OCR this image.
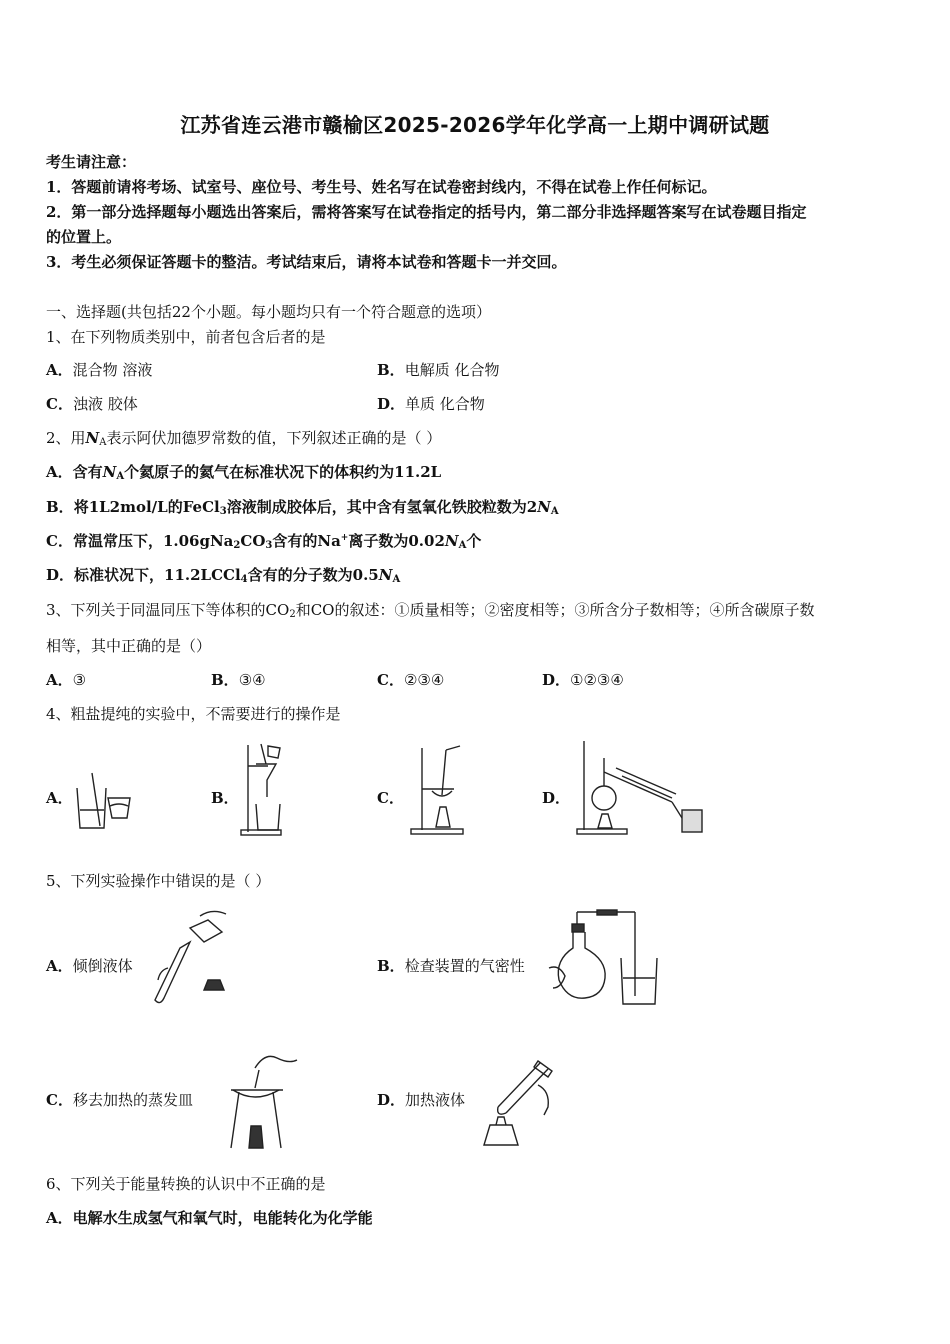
江苏省连云港市赣榆区2025-2026学年化学高一上期中调研试题
考生请注意：
1．答题前请将考场、试室号、座位号、考生号、姓名写在试卷密封线内，不得在试卷上作任何标记。
2．第一部分选择题每小题选出答案后，需将答案写在试卷指定的括号内，第二部分非选择题答案写在试卷题目指定
的位置上。
3．考生必须保证答题卡的整洁。考试结束后，请将本试卷和答题卡一并交回。
一、选择题(共包括22个小题。每小题均只有一个符合题意的选项）
1、在下列物质类别中，前者包含后者的是
A．混合物 溶液	B．电解质 化合物
C．浊液 胶体	D．单质 化合物
2、用$N_A$表示阿伏加德罗常数的值，下列叙述正确的是（ ）
A．含有$N_A$个氦原子的氦气在标准状况下的体积约为11.2L
B．将1L2mol/L的FeCl$_3$溶液制成胶体后，其中含有氢氧化铁胶粒数为$2N_A$
C．常温常压下，$1.06gNa_2CO_3$含有的Na+离子数为$0.02N_A$个
D．标准状况下，11.2LCCl$_4$含有的分子数为$0.5N_A$
3、下列关于同温同压下等体积的$CO_2$和CO的叙述：①质量相等；②密度相等；③所含分子数相等；④所含碳原子数
相等，其中正确的是（）
A．③	B．③④	C．②③④	D．①②③④
4、粗盐提纯的实验中，不需要进行的操作是
A．	B．	C．	D．
5、下列实验操作中错误的是（ ）
A．倾倒液体	B．检查装置的气密性
C．移去加热的蒸发皿	D．加热液体
6、下列关于能量转换的认识中不正确的是
A．电解水生成氢气和氧气时，电能转化为化学能
